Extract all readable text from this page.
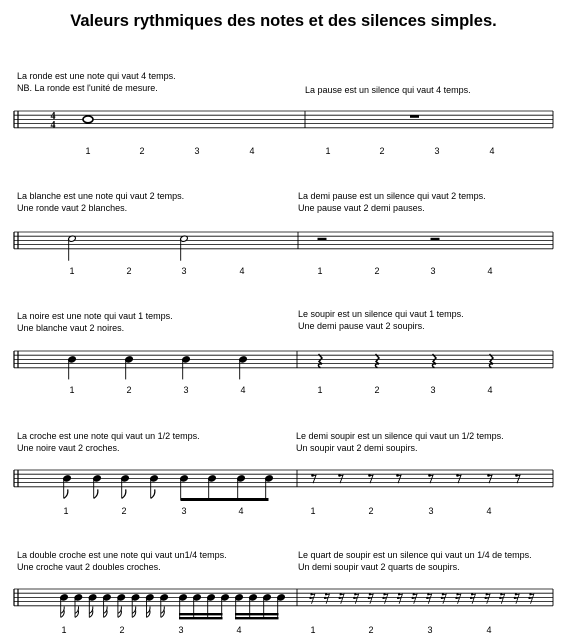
Valeurs rythmiques des notes et des silences simples.
La ronde est une note qui vaut 4 temps.
NB. La ronde est l'unité de mesure.	La pause est un silence qui vaut 4 temps.
La blanche est une note qui vaut 2 temps.
Une ronde vaut 2 blanches.
La demi pause est un silence qui vaut 2 temps.
Une pause vaut 2 demi pauses.
La noire est une note qui vaut 1 temps.
Une blanche vaut 2 noires.
Le soupir est un silence qui vaut 1 temps.
Une demi pause vaut 2 soupirs.
La croche est une note qui vaut un 1/2 temps.
Une noire vaut 2 croches.
Le demi soupir est un silence qui vaut un 1/2 temps.
Un soupir vaut 2 demi soupirs.
La double croche est une note qui vaut un1/4 temps.
Une croche vaut 2 doubles croches.
Le quart de soupir est un silence qui vaut un 1/4 de temps.
Un demi soupir vaut 2 quarts de soupirs.
4
4
1	2	3	4	1	2	3	4
1	2	3	4	1	2	3	4
1	2	3	4	1	2	3	4
1	2	3	4	1	2	3	4
1	2	3	4	1	2	3	4
